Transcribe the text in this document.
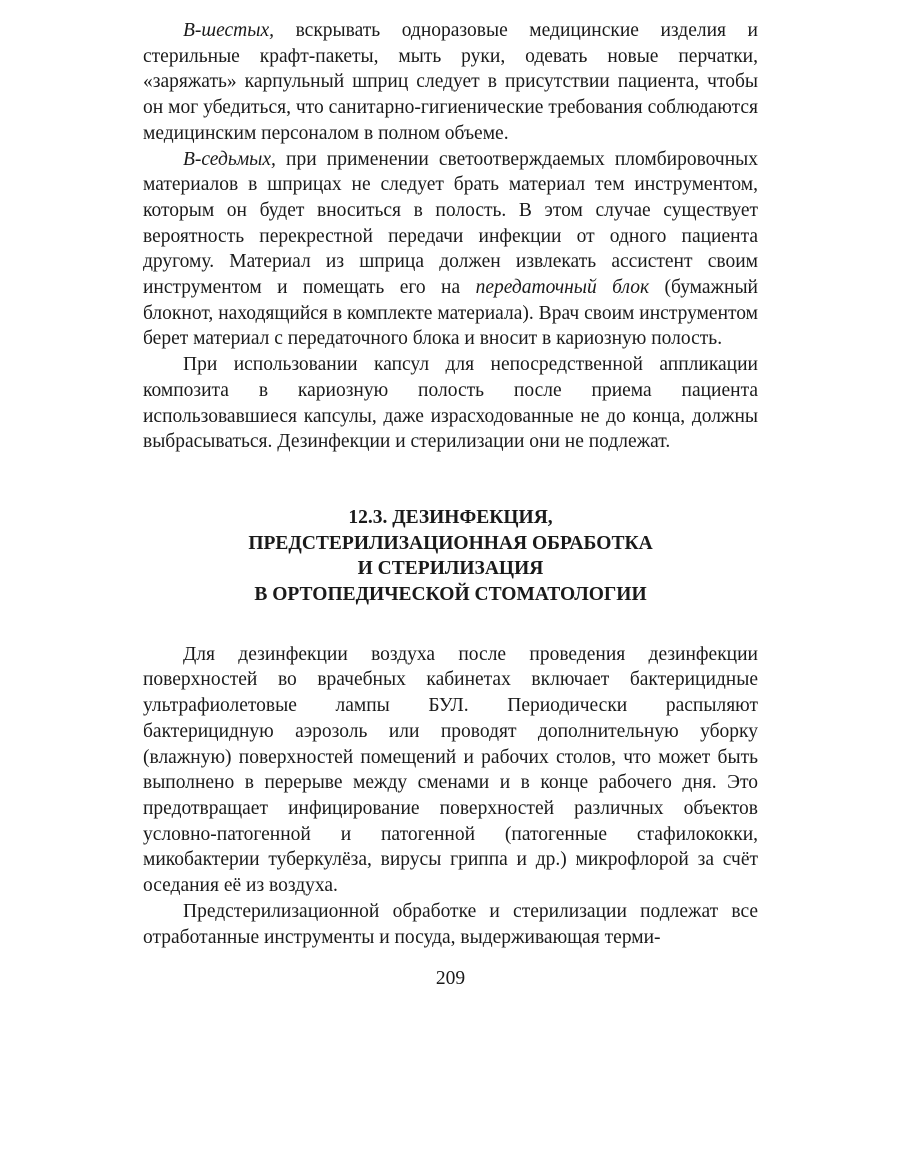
В-шестых, вскрывать одноразовые медицинские изделия и стерильные крафт-пакеты, мыть руки, одевать новые перчатки, «заряжать» карпульный шприц следует в присутствии пациента, чтобы он мог убедиться, что санитарно-гигиенические требования соблюдаются медицинским персоналом в полном объеме.

В-седьмых, при применении светоотверждаемых пломбировочных материалов в шприцах не следует брать материал тем инструментом, которым он будет вноситься в полость. В этом случае существует вероятность перекрестной передачи инфекции от одного пациента другому. Материал из шприца должен извлекать ассистент своим инструментом и помещать его на передаточный блок (бумажный блокнот, находящийся в комплекте материала). Врач своим инструментом берет материал с передаточного блока и вносит в кариозную полость.

При использовании капсул для непосредственной аппликации композита в кариозную полость после приема пациента использовавшиеся капсулы, даже израсходованные не до конца, должны выбрасываться. Дезинфекции и стерилизации они не подлежат.

12.3. ДЕЗИНФЕКЦИЯ,
ПРЕДСТЕРИЛИЗАЦИОННАЯ ОБРАБОТКА
И СТЕРИЛИЗАЦИЯ
В ОРТОПЕДИЧЕСКОЙ СТОМАТОЛОГИИ

Для дезинфекции воздуха после проведения дезинфекции поверхностей во врачебных кабинетах включает бактерицидные ультрафиолетовые лампы БУЛ. Периодически распыляют бактерицидную аэрозоль или проводят дополнительную уборку (влажную) поверхностей помещений и рабочих столов, что может быть выполнено в перерыве между сменами и в конце рабочего дня. Это предотвращает инфицирование поверхностей различных объектов условно-патогенной и патогенной (патогенные стафилококки, микобактерии туберкулёза, вирусы гриппа и др.) микрофлорой за счёт оседания её из воздуха.

Предстерилизационной обработке и стерилизации подлежат все отработанные инструменты и посуда, выдерживающая терми-

209
